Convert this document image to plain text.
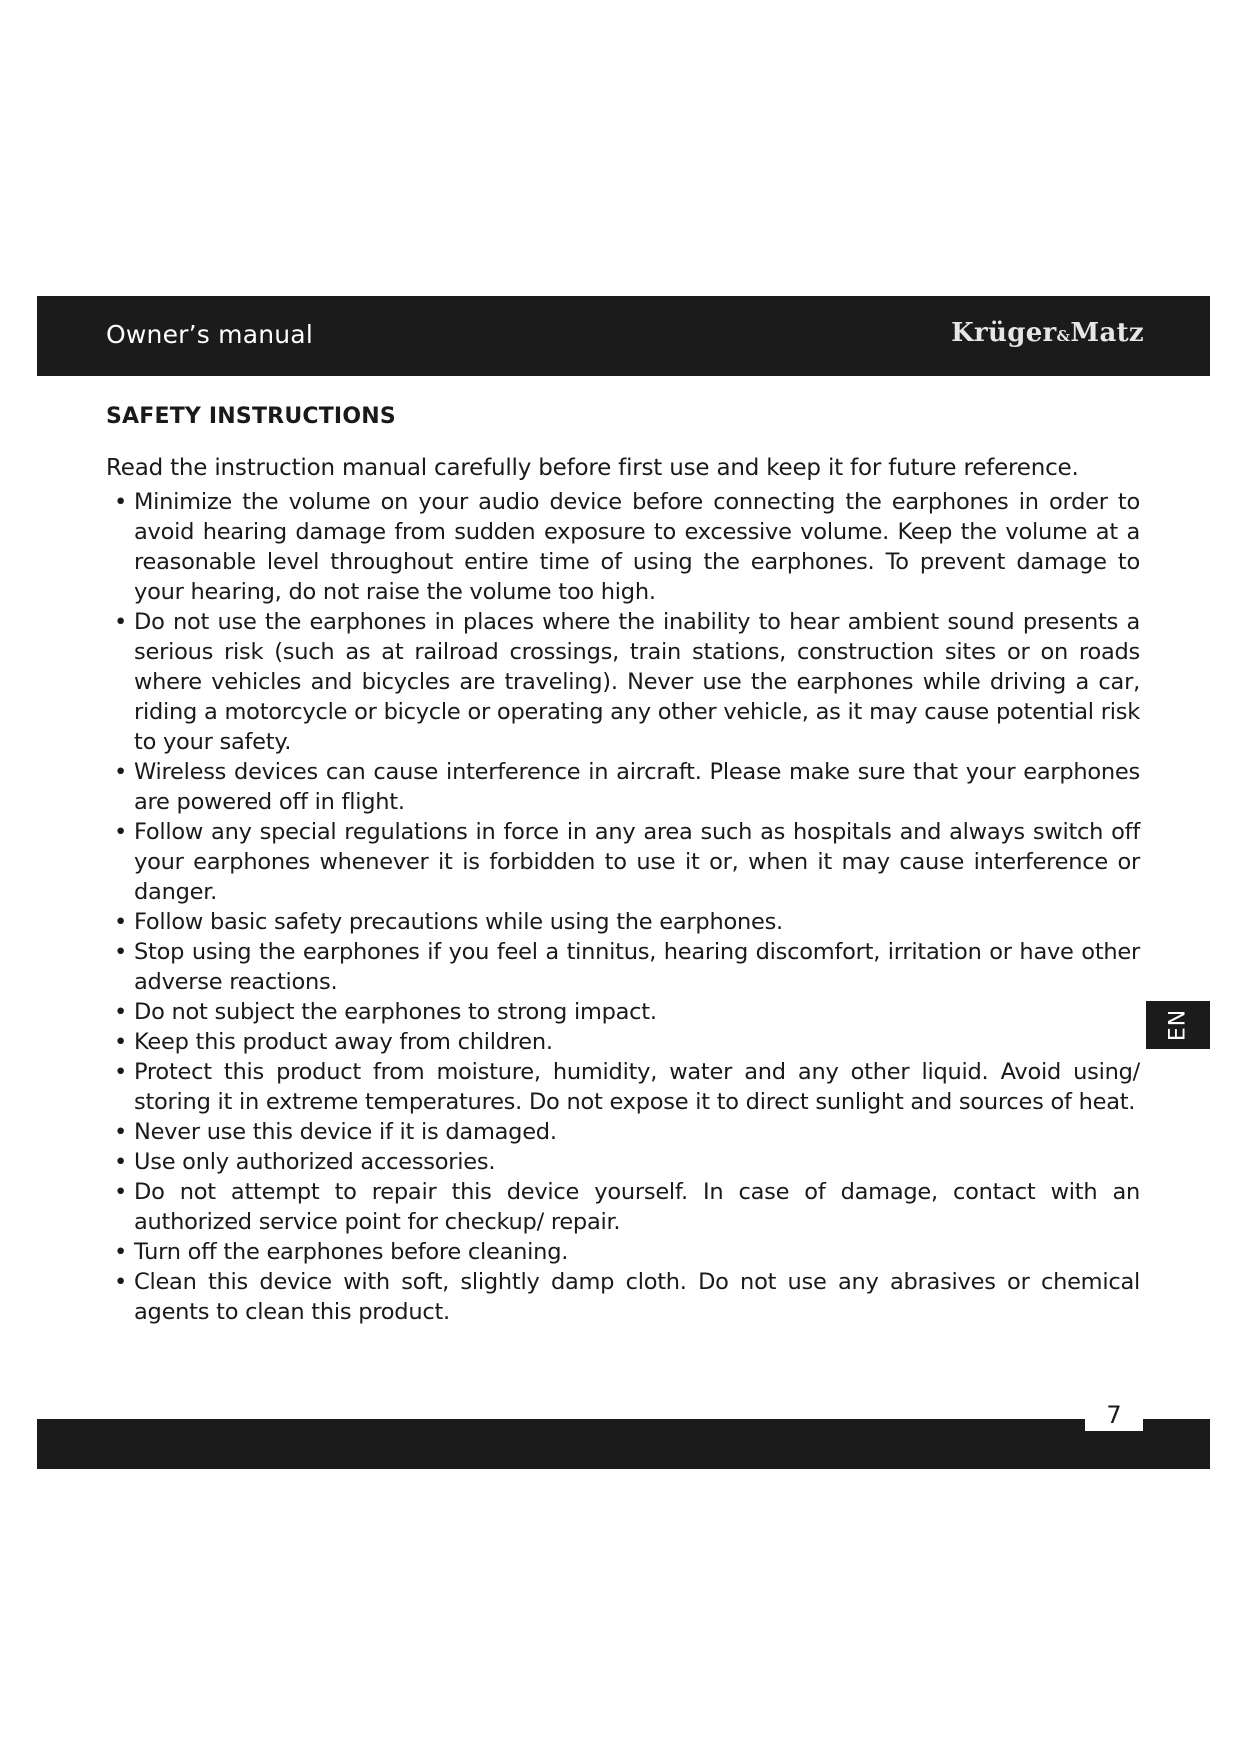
Owner’s manual	Krüger&Matz
SAFETY INSTRUCTIONS
Read the instruction manual carefully before first use and keep it for future reference.
• Minimize the volume on your audio device before connecting the earphones in order to avoid hearing damage from sudden exposure to excessive volume. Keep the volume at a reasonable level throughout entire time of using the earphones. To prevent damage to your hearing, do not raise the volume too high.
• Do not use the earphones in places where the inability to hear ambient sound presents a serious risk (such as at railroad crossings, train stations, construction sites or on roads where vehicles and bicycles are traveling). Never use the earphones while driving a car, riding a motorcycle or bicycle or operating any other vehicle, as it may cause potential risk to your safety.
• Wireless devices can cause interference in aircraft. Please make sure that your earphones are powered off in flight.
• Follow any special regulations in force in any area such as hospitals and always switch off your earphones whenever it is forbidden to use it or, when it may cause interference or danger.
• Follow basic safety precautions while using the earphones.
• Stop using the earphones if you feel a tinnitus, hearing discomfort, irritation or have other adverse reactions.
• Do not subject the earphones to strong impact.
• Keep this product away from children.
• Protect this product from moisture, humidity, water and any other liquid. Avoid using/ storing it in extreme temperatures. Do not expose it to direct sunlight and sources of heat.
• Never use this device if it is damaged.
• Use only authorized accessories.
• Do not attempt to repair this device yourself. In case of damage, contact with an authorized service point for checkup/ repair.
• Turn off the earphones before cleaning.
• Clean this device with soft, slightly damp cloth. Do not use any abrasives or chemical agents to clean this product.
EN
7
